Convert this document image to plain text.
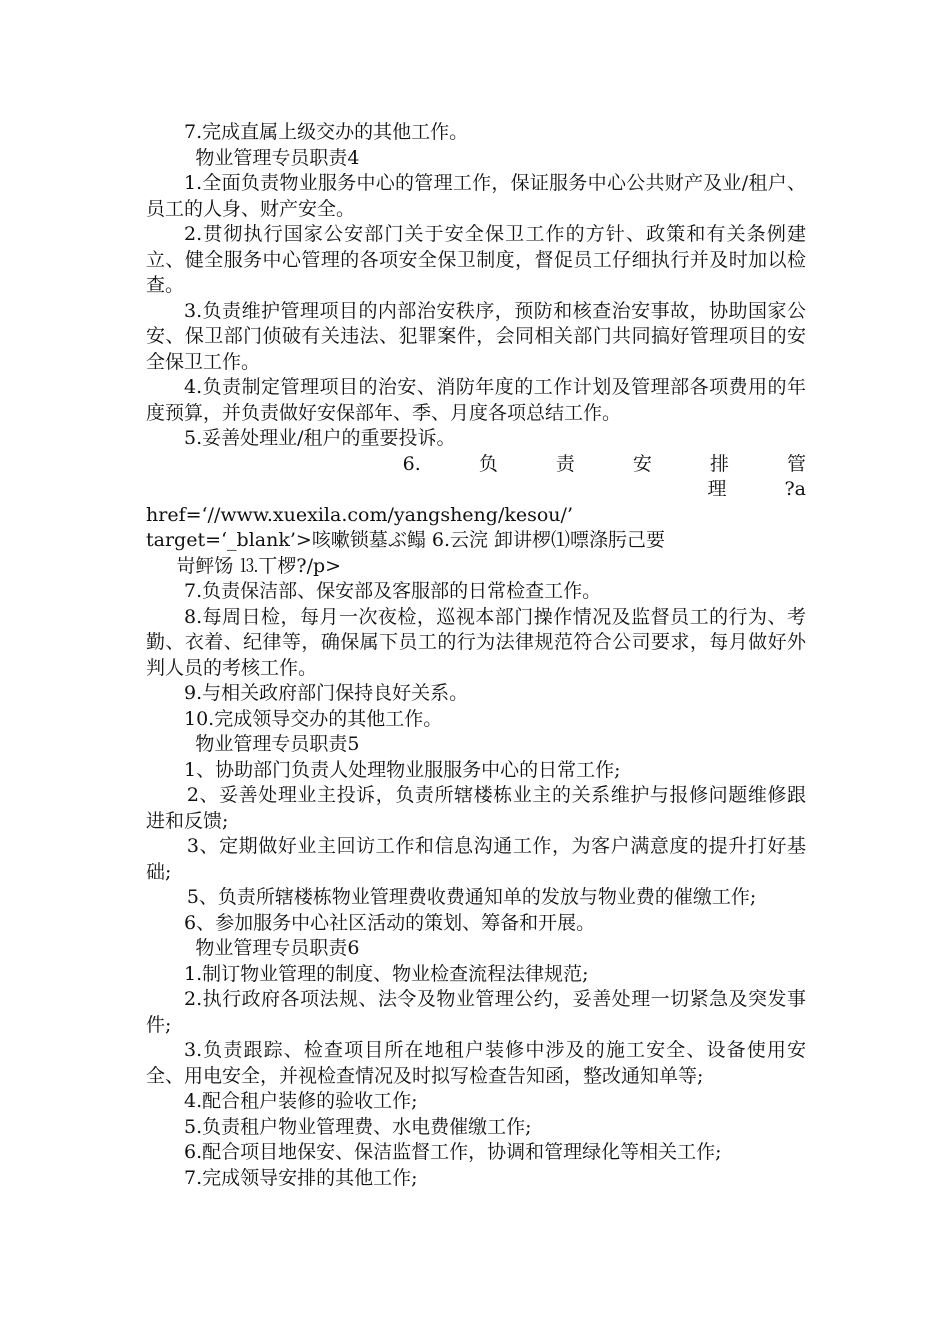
7.完成直属上级交办的其他工作。

物业管理专员职责4

1.全面负责物业服务中心的管理工作，保证服务中心公共财产及业/租户、员工的人身、财产安全。

2.贯彻执行国家公安部门关于安全保卫工作的方针、政策和有关条例建立、健全服务中心管理的各项安全保卫制度，督促员工仔细执行并及时加以检查。

3.负责维护管理项目的内部治安秩序，预防和核查治安事故，协助国家公安、保卫部门侦破有关违法、犯罪案件，会同相关部门共同搞好管理项目的安全保卫工作。

4.负责制定管理项目的治安、消防年度的工作计划及管理部各项费用的年度预算，并负责做好安保部年、季、月度各项总结工作。

5.妥善处理业/租户的重要投诉。

6. 负 责 安 排 管 理 ?a

href=‘//www.xuexila.com/yangsheng/kesou/’

target=‘_blank’>咳嗽锁墓ぶ鳎 6.云浣 卸讲椤⑴嘌涤肟己要

岢鲆饧 ⒔丅椤?/p>

7.负责保洁部、保安部及客服部的日常检查工作。

8.每周日检，每月一次夜检，巡视本部门操作情况及监督员工的行为、考勤、衣着、纪律等，确保属下员工的行为法律规范符合公司要求，每月做好外判人员的考核工作。

9.与相关政府部门保持良好关系。

10.完成领导交办的其他工作。

物业管理专员职责5

1、协助部门负责人处理物业服服务中心的日常工作;

2、妥善处理业主投诉，负责所辖楼栋业主的关系维护与报修问题维修跟进和反馈;

3、定期做好业主回访工作和信息沟通工作，为客户满意度的提升打好基础;

5、负责所辖楼栋物业管理费收费通知单的发放与物业费的催缴工作;

6、参加服务中心社区活动的策划、筹备和开展。

物业管理专员职责6

1.制订物业管理的制度、物业检查流程法律规范;

2.执行政府各项法规、法令及物业管理公约，妥善处理一切紧急及突发事件;

3.负责跟踪、检查项目所在地租户装修中涉及的施工安全、设备使用安全、用电安全，并视检查情况及时拟写检查告知函，整改通知单等;

4.配合租户装修的验收工作;

5.负责租户物业管理费、水电费催缴工作;

6.配合项目地保安、保洁监督工作，协调和管理绿化等相关工作;

7.完成领导安排的其他工作;
